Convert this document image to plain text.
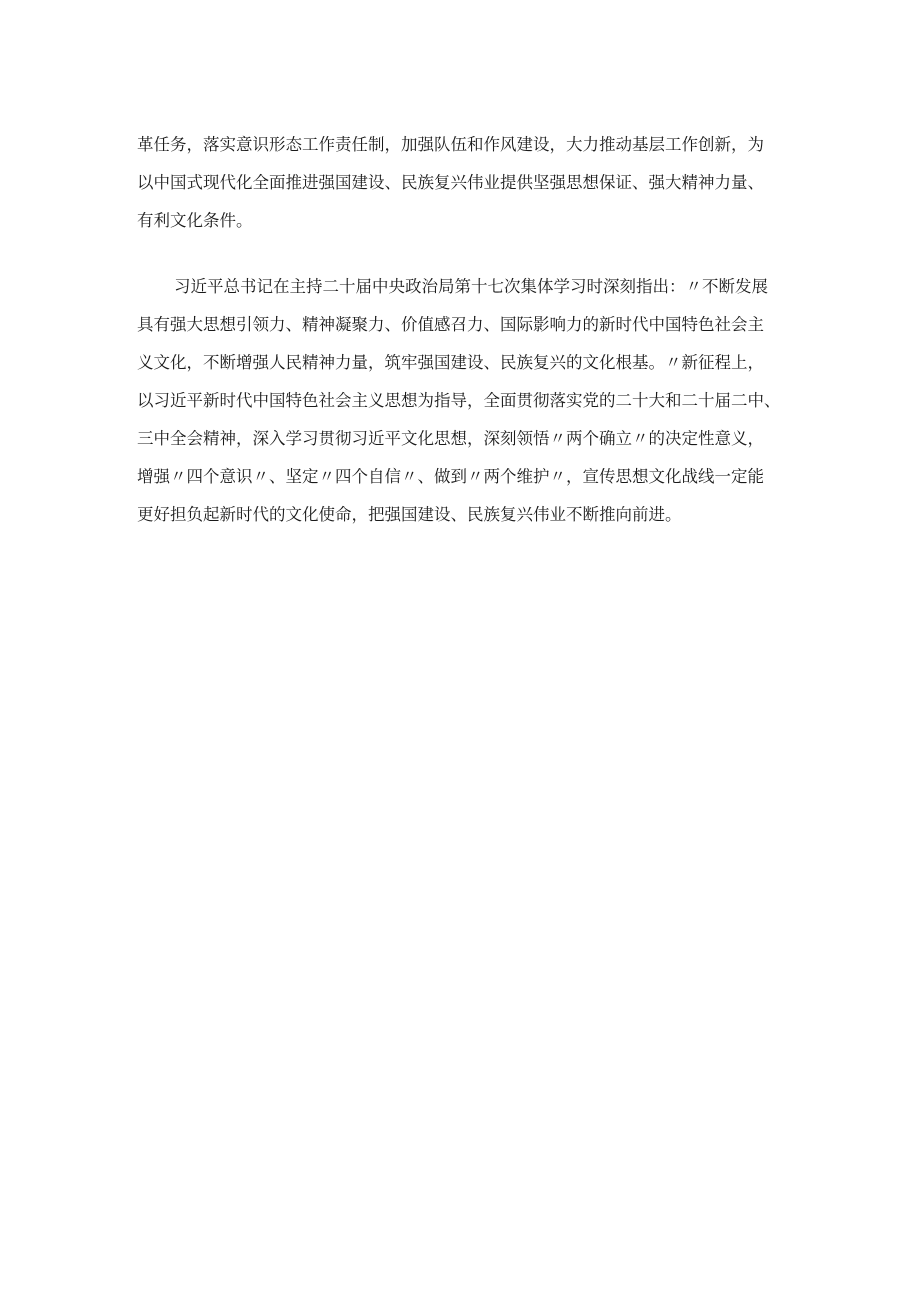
革任务，落实意识形态工作责任制，加强队伍和作风建设，大力推动基层工作创新，为
以中国式现代化全面推进强国建设、民族复兴伟业提供坚强思想保证、强大精神力量、
有利文化条件。

习近平总书记在主持二十届中央政治局第十七次集体学习时深刻指出：〃不断发展
具有强大思想引领力、精神凝聚力、价值感召力、国际影响力的新时代中国特色社会主
义文化，不断增强人民精神力量，筑牢强国建设、民族复兴的文化根基。〃新征程上，
以习近平新时代中国特色社会主义思想为指导，全面贯彻落实党的二十大和二十届二中、
三中全会精神，深入学习贯彻习近平文化思想，深刻领悟〃两个确立〃的决定性意义，
增强〃四个意识〃、坚定〃四个自信〃、做到〃两个维护〃，宣传思想文化战线一定能
更好担负起新时代的文化使命，把强国建设、民族复兴伟业不断推向前进。
